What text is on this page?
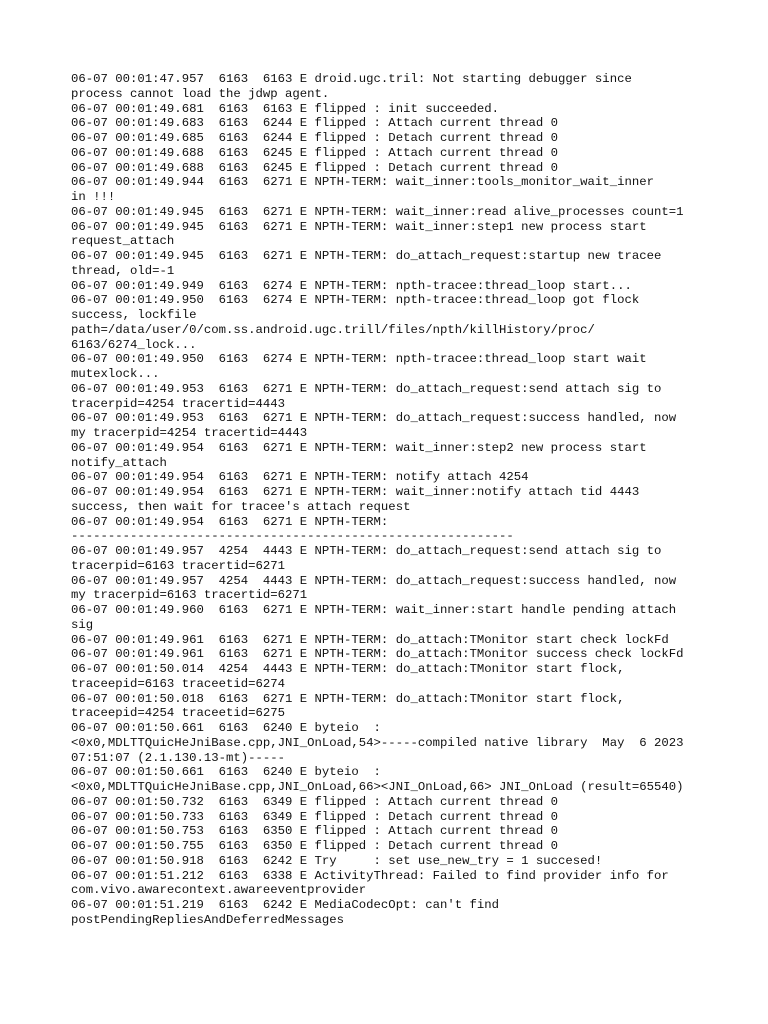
06-07 00:01:47.957  6163  6163 E droid.ugc.tril: Not starting debugger since
process cannot load the jdwp agent.
06-07 00:01:49.681  6163  6163 E flipped : init succeeded.
06-07 00:01:49.683  6163  6244 E flipped : Attach current thread 0
06-07 00:01:49.685  6163  6244 E flipped : Detach current thread 0
06-07 00:01:49.688  6163  6245 E flipped : Attach current thread 0
06-07 00:01:49.688  6163  6245 E flipped : Detach current thread 0
06-07 00:01:49.944  6163  6271 E NPTH-TERM: wait_inner:tools_monitor_wait_inner
in !!!
06-07 00:01:49.945  6163  6271 E NPTH-TERM: wait_inner:read alive_processes count=1
06-07 00:01:49.945  6163  6271 E NPTH-TERM: wait_inner:step1 new process start
request_attach
06-07 00:01:49.945  6163  6271 E NPTH-TERM: do_attach_request:startup new tracee
thread, old=-1
06-07 00:01:49.949  6163  6274 E NPTH-TERM: npth-tracee:thread_loop start...
06-07 00:01:49.950  6163  6274 E NPTH-TERM: npth-tracee:thread_loop got flock
success, lockfile
path=/data/user/0/com.ss.android.ugc.trill/files/npth/killHistory/proc/
6163/6274_lock...
06-07 00:01:49.950  6163  6274 E NPTH-TERM: npth-tracee:thread_loop start wait
mutexlock...
06-07 00:01:49.953  6163  6271 E NPTH-TERM: do_attach_request:send attach sig to
tracerpid=4254 tracertid=4443
06-07 00:01:49.953  6163  6271 E NPTH-TERM: do_attach_request:success handled, now
my tracerpid=4254 tracertid=4443
06-07 00:01:49.954  6163  6271 E NPTH-TERM: wait_inner:step2 new process start
notify_attach
06-07 00:01:49.954  6163  6271 E NPTH-TERM: notify attach 4254
06-07 00:01:49.954  6163  6271 E NPTH-TERM: wait_inner:notify attach tid 4443
success, then wait for tracee's attach request
06-07 00:01:49.954  6163  6271 E NPTH-TERM:
------------------------------------------------------------
06-07 00:01:49.957  4254  4443 E NPTH-TERM: do_attach_request:send attach sig to
tracerpid=6163 tracertid=6271
06-07 00:01:49.957  4254  4443 E NPTH-TERM: do_attach_request:success handled, now
my tracerpid=6163 tracertid=6271
06-07 00:01:49.960  6163  6271 E NPTH-TERM: wait_inner:start handle pending attach
sig
06-07 00:01:49.961  6163  6271 E NPTH-TERM: do_attach:TMonitor start check lockFd
06-07 00:01:49.961  6163  6271 E NPTH-TERM: do_attach:TMonitor success check lockFd
06-07 00:01:50.014  4254  4443 E NPTH-TERM: do_attach:TMonitor start flock,
traceepid=6163 traceetid=6274
06-07 00:01:50.018  6163  6271 E NPTH-TERM: do_attach:TMonitor start flock,
traceepid=4254 traceetid=6275
06-07 00:01:50.661  6163  6240 E byteio  :
<0x0,MDLTTQuicHeJniBase.cpp,JNI_OnLoad,54>-----compiled native library  May  6 2023
07:51:07 (2.1.130.13-mt)-----
06-07 00:01:50.661  6163  6240 E byteio  :
<0x0,MDLTTQuicHeJniBase.cpp,JNI_OnLoad,66><JNI_OnLoad,66> JNI_OnLoad (result=65540)
06-07 00:01:50.732  6163  6349 E flipped : Attach current thread 0
06-07 00:01:50.733  6163  6349 E flipped : Detach current thread 0
06-07 00:01:50.753  6163  6350 E flipped : Attach current thread 0
06-07 00:01:50.755  6163  6350 E flipped : Detach current thread 0
06-07 00:01:50.918  6163  6242 E Try     : set use_new_try = 1 succesed!
06-07 00:01:51.212  6163  6338 E ActivityThread: Failed to find provider info for
com.vivo.awarecontext.awareeventprovider
06-07 00:01:51.219  6163  6242 E MediaCodecOpt: can't find
postPendingRepliesAndDeferredMessages
